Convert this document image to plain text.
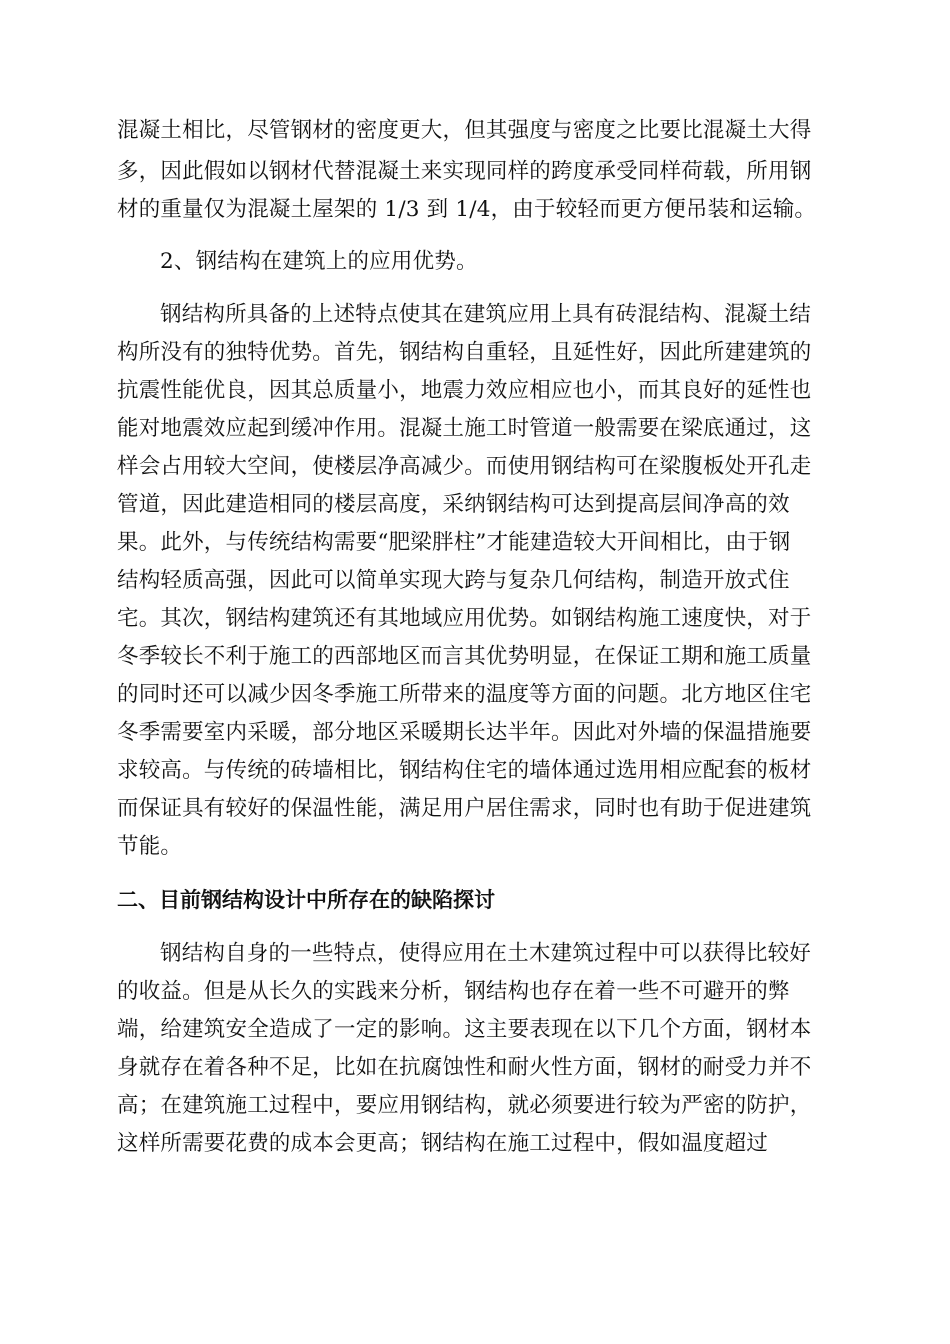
混凝土相比，尽管钢材的密度更大，但其强度与密度之比要比混凝土大得
多，因此假如以钢材代替混凝土来实现同样的跨度承受同样荷载，所用钢
材的重量仅为混凝土屋架的 1/3 到 1/4，由于较轻而更方便吊装和运输。
2、钢结构在建筑上的应用优势。
钢结构所具备的上述特点使其在建筑应用上具有砖混结构、混凝土结
构所没有的独特优势。首先，钢结构自重轻，且延性好，因此所建建筑的
抗震性能优良，因其总质量小，地震力效应相应也小，而其良好的延性也
能对地震效应起到缓冲作用。混凝土施工时管道一般需要在梁底通过，这
样会占用较大空间，使楼层净高减少。而使用钢结构可在梁腹板处开孔走
管道，因此建造相同的楼层高度，采纳钢结构可达到提高层间净高的效
果。此外，与传统结构需要“肥梁胖柱”才能建造较大开间相比，由于钢
结构轻质高强，因此可以简单实现大跨与复杂几何结构，制造开放式住
宅。其次，钢结构建筑还有其地域应用优势。如钢结构施工速度快，对于
冬季较长不利于施工的西部地区而言其优势明显，在保证工期和施工质量
的同时还可以减少因冬季施工所带来的温度等方面的问题。北方地区住宅
冬季需要室内采暖，部分地区采暖期长达半年。因此对外墙的保温措施要
求较高。与传统的砖墙相比，钢结构住宅的墙体通过选用相应配套的板材
而保证具有较好的保温性能，满足用户居住需求，同时也有助于促进建筑
节能。
二、目前钢结构设计中所存在的缺陷探讨
钢结构自身的一些特点，使得应用在土木建筑过程中可以获得比较好
的收益。但是从长久的实践来分析，钢结构也存在着一些不可避开的弊
端，给建筑安全造成了一定的影响。这主要表现在以下几个方面，钢材本
身就存在着各种不足，比如在抗腐蚀性和耐火性方面，钢材的耐受力并不
高；在建筑施工过程中，要应用钢结构，就必须要进行较为严密的防护，
这样所需要花费的成本会更高；钢结构在施工过程中，假如温度超过
